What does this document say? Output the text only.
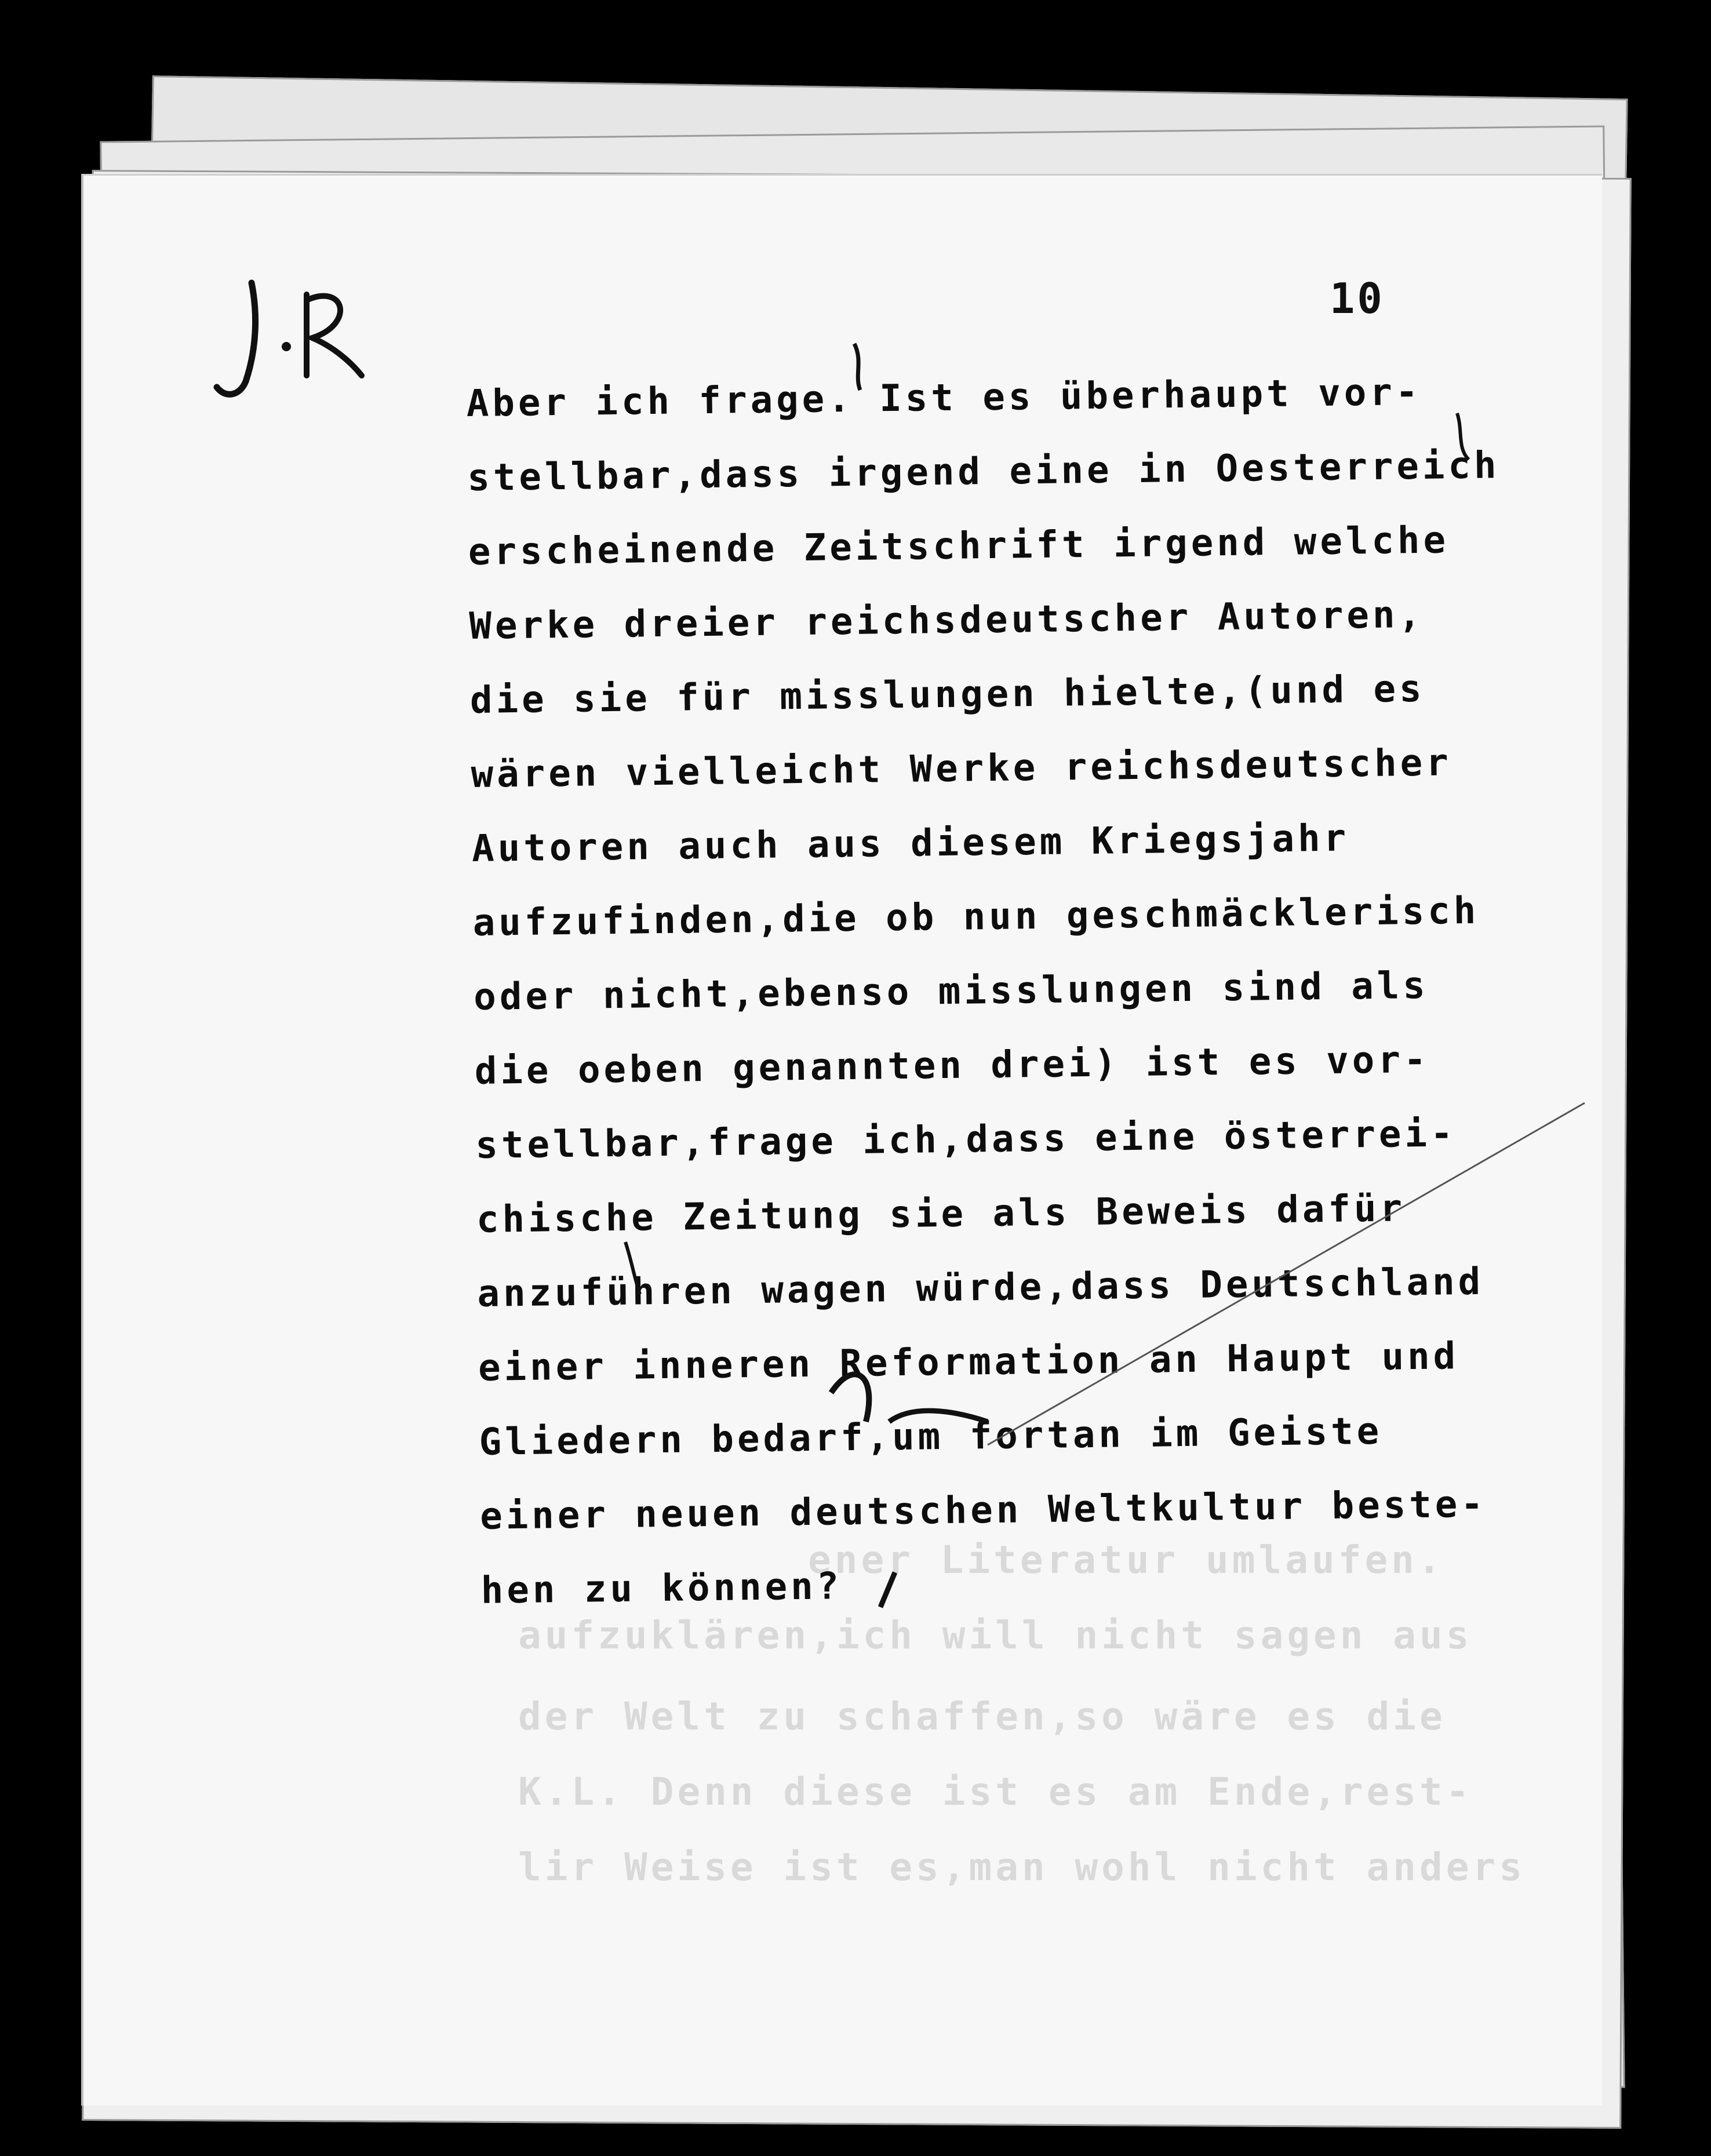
ener Literatur umlaufen.
aufzuklären,ich will nicht sagen aus
der Welt zu schaffen,so wäre es die
K.L. Denn diese ist es am Ende,rest-
lir Weise ist es,man wohl nicht anders
10
Aber ich frage. Ist es überhaupt vor-
stellbar,dass irgend eine in Oesterreich
erscheinende Zeitschrift irgend welche
Werke dreier reichsdeutscher Autoren,
die sie für misslungen hielte,(und es
wären vielleicht Werke reichsdeutscher
Autoren auch aus diesem Kriegsjahr
aufzufinden,die ob nun geschmäcklerisch
oder nicht,ebenso misslungen sind als
die oeben genannten drei) ist es vor-
stellbar,frage ich,dass eine österrei-
chische Zeitung sie als Beweis dafür
anzuführen wagen würde,dass Deutschland
einer inneren Reformation an Haupt und
Gliedern bedarf,um fortan im Geiste
einer neuen deutschen Weltkultur beste-
hen zu können?
